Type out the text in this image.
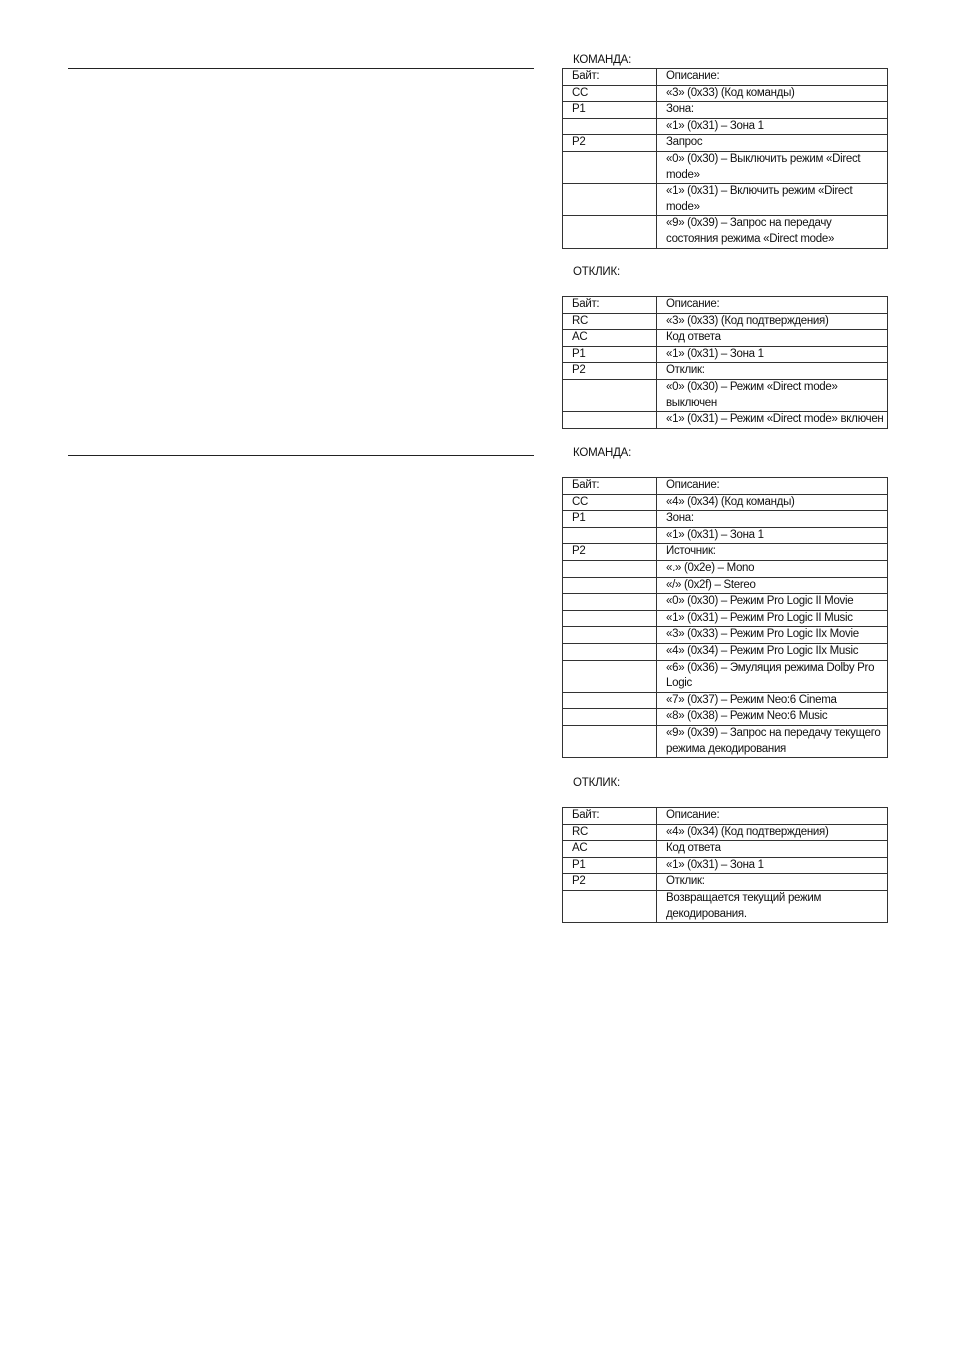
КОМАНДА:
Байт:	Описание:
CC	«3» (0x33) (Код команды)
P1	Зона:
	«1» (0x31) – Зона 1
P2	Запрос
	«0» (0x30) – Выключить режим «Direct mode»
	«1» (0x31) – Включить режим «Direct mode»
	«9» (0x39) – Запрос на передачу состояния режима «Direct mode»
ОТКЛИК:
Байт:	Описание:
RC	«3» (0x33) (Код подтверждения)
AC	Код ответа
P1	«1» (0x31) – Зона 1
P2	Отклик:
	«0» (0x30) – Режим «Direct mode» выключен
	«1» (0x31) – Режим «Direct mode» включен
КОМАНДА:
Байт:	Описание:
CC	«4» (0x34) (Код команды)
P1	Зона:
	«1» (0x31) – Зона 1
P2	Источник:
	«.» (0x2e) – Mono
	«/» (0x2f) – Stereo
	«0» (0x30) – Режим Pro Logic II Movie
	«1» (0x31) – Режим Pro Logic II Music
	«3» (0x33) – Режим Pro Logic IIx Movie
	«4» (0x34) – Режим Pro Logic IIx Music
	«6» (0x36) – Эмуляция режима Dolby Pro Logic
	«7» (0x37) – Режим Neo:6 Cinema
	«8» (0x38) – Режим Neo:6 Music
	«9» (0x39) – Запрос на передачу текущего режима декодирования
ОТКЛИК:
Байт:	Описание:
RC	«4» (0x34) (Код подтверждения)
AC	Код ответа
P1	«1» (0x31) – Зона 1
P2	Отклик:
	Возвращается текущий режим декодирования.
